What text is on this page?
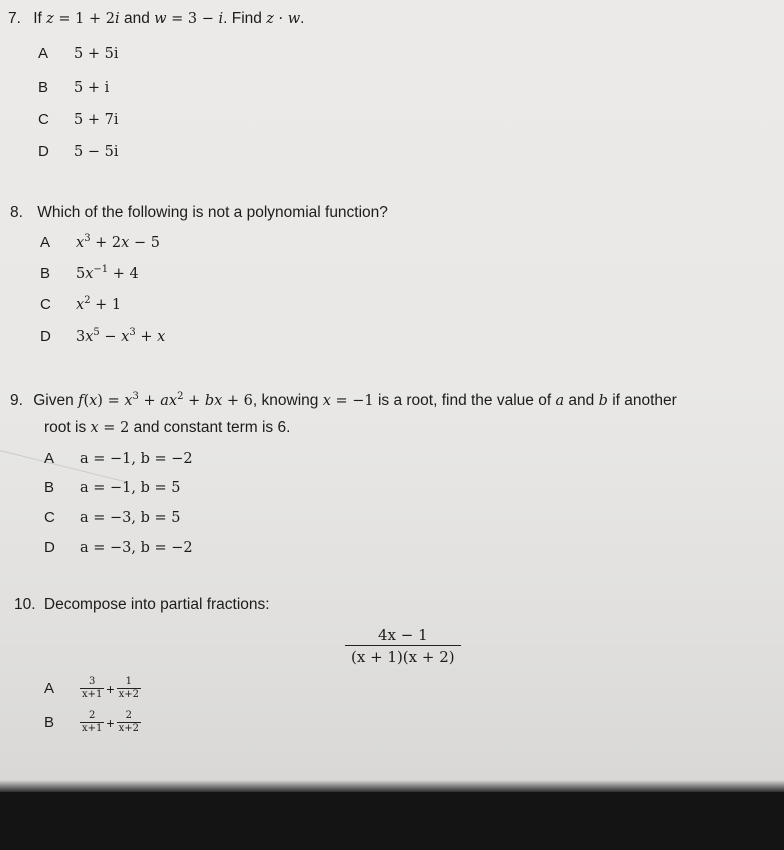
7. If z = 1 + 2i and w = 3 − i. Find z · w.
A 5 + 5i
B 5 + i
C 5 + 7i
D 5 − 5i
8. Which of the following is not a polynomial function?
A $x^3 + 2x - 5$
B $5x^{-1} + 4$
C $x^2 + 1$
D $3x^5 - x^3 + x$
9. Given $f(x) = x^3 + ax^2$ + bx + 6, knowing x = −1 is a root, find the value of a and b if another
root is x = 2 and constant term is 6.
A a = −1, b = −2
B a = −1, b = 5
C a = −3, b = 5
D a = −3, b = −2
10. Decompose into partial fractions:
$\frac{4x - 1}{(x + 1)(x + 2)}$
A	$\frac{3}{x+1} + \frac{1}{x+2}$
B	$\frac{2}{x+1} + \frac{2}{x+2}$
